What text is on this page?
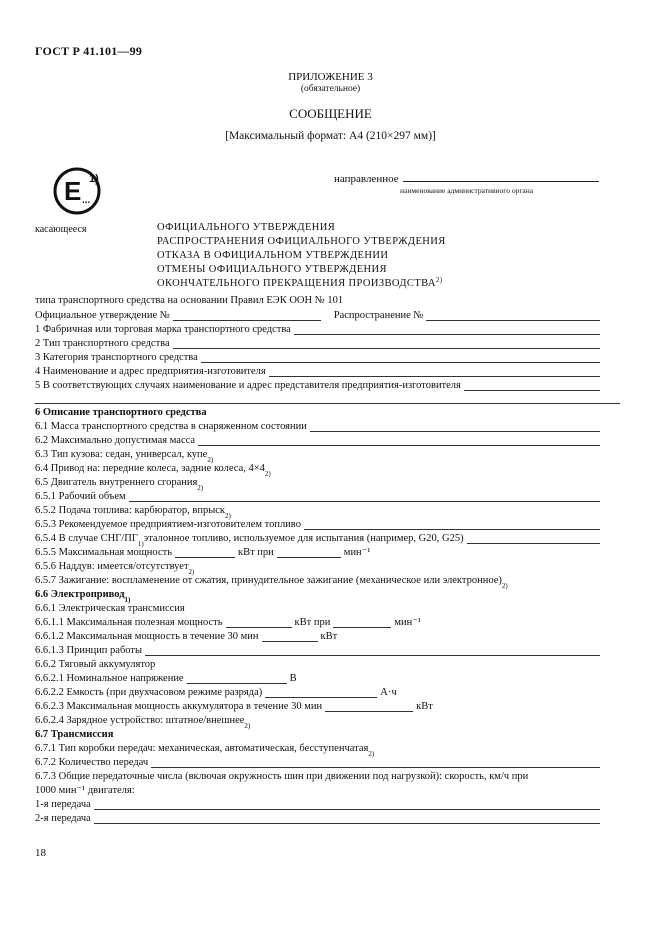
ГОСТ Р 41.101—99
ПРИЛОЖЕНИЕ 3
(обязательное)
СООБЩЕНИЕ
[Максимальный формат: А4 (210×297 мм)]
E ...
1)	направленное
наименование административного органа
касающееся	ОФИЦИАЛЬНОГО УТВЕРЖДЕНИЯ
РАСПРОСТРАНЕНИЯ ОФИЦИАЛЬНОГО УТВЕРЖДЕНИЯ
ОТКАЗА В ОФИЦИАЛЬНОМ УТВЕРЖДЕНИИ
ОТМЕНЫ ОФИЦИАЛЬНОГО УТВЕРЖДЕНИЯ
ОКОНЧАТЕЛЬНОГО ПРЕКРАЩЕНИЯ ПРОИЗВОДСТВА$^{2)}$
типа транспортного средства на основании Правил ЕЭК ООН № 101
Официальное утверждение №	Распространение №
1 Фабричная или торговая марка транспортного средства
2 Тип транспортного средства
3 Категория транспортного средства
4 Наименование и адрес предприятия-изготовителя
5 В соответствующих случаях наименование и адрес представителя предприятия-изготовителя
6 Описание транспортного средства
6.1 Масса транспортного средства в снаряженном состоянии
6.2 Максимально допустимая масса
6.3 Тип кузова: седан, универсал, купе 2)
6.4 Привод на: передние колеса, задние колеса, 4×4 2)
6.5 Двигатель внутреннего сгорания 2)
6.5.1 Рабочий объем
6.5.2 Подача топлива: карбюратор, впрыск 2)
6.5.3 Рекомендуемое предприятием-изготовителем топливо
6.5.4 В случае СНГ/ПГ 1) эталонное топливо, используемое для испытания (например, G20, G25)
6.5.5 Максимальная мощность	кВт при	мин⁻¹
6.5.6 Наддув: имеется/отсутствует 2)
6.5.7 Зажигание: воспламенение от сжатия, принудительное зажигание (механическое или электронное) 2)
6.6 Электропривод 1)
6.6.1 Электрическая трансмиссия
6.6.1.1 Максимальная полезная мощность	кВт при	мин⁻¹
6.6.1.2 Максимальная мощность в течение 30 мин	кВт
6.6.1.3 Принцип работы
6.6.2 Тяговый аккумулятор
6.6.2.1 Номинальное напряжение	В
6.6.2.2 Емкость (при двухчасовом режиме разряда)	А·ч
6.6.2.3 Максимальная мощность аккумулятора в течение 30 мин	кВт
6.6.2.4 Зарядное устройство: штатное/внешнее 2)
6.7 Трансмиссия
6.7.1 Тип коробки передач: механическая, автоматическая, бесступенчатая 2)
6.7.2 Количество передач
6.7.3 Общие передаточные числа (включая окружность шин при движении под нагрузкой): скорость, км/ч при
1000 мин⁻¹ двигателя:
1-я передача
2-я передача
18
